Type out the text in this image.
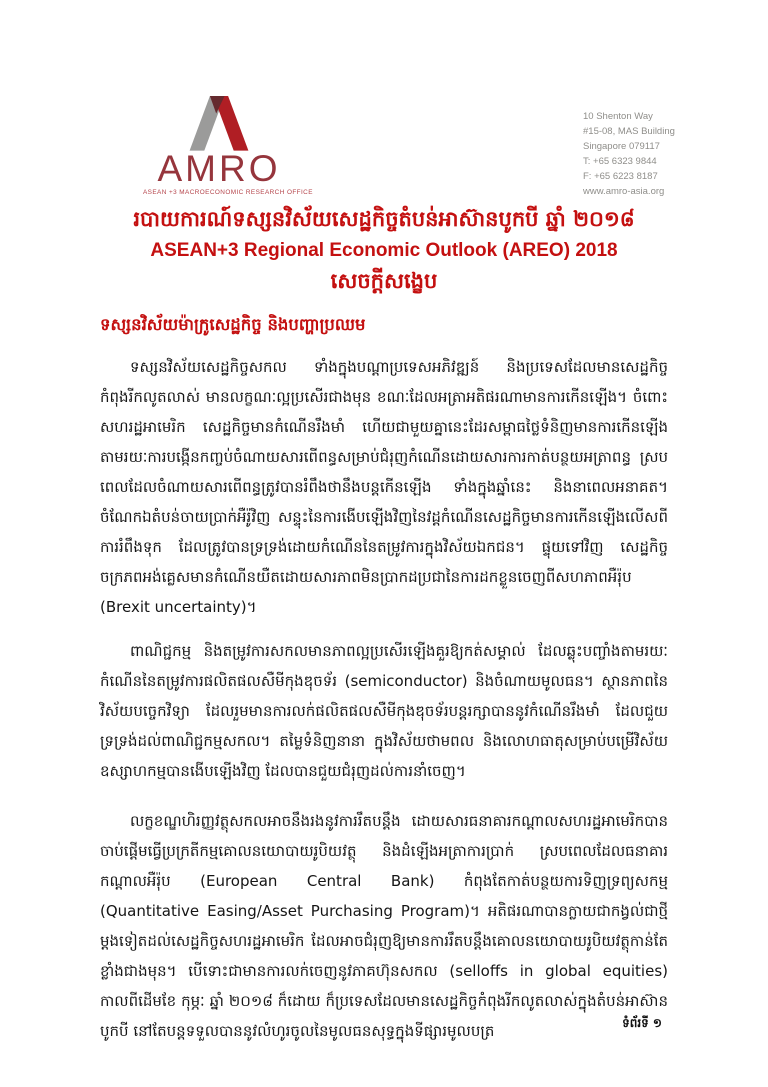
AMRO
ASEAN +3 MACROECONOMIC RESEARCH OFFICE
10 Shenton Way
#15-08, MAS Building
Singapore 079117
T: +65 6323 9844
F: +65 6223 8187
www.amro-asia.org
របាយការណ៍ទស្សនវិស័យសេដ្ឋកិច្ចតំបន់អាស៊ានបូកបី ឆ្នាំ ២០១៨
ASEAN+3 Regional Economic Outlook (AREO) 2018
សេចក្តីសង្ខេប
ទស្សនវិស័យម៉ាក្រូសេដ្ឋកិច្ច និងបញ្ហាប្រឈម

ទស្សនវិស័យសេដ្ឋកិច្ចសកល ទាំងក្នុងបណ្តាប្រទេសអភិវឌ្ឍន៍ និងប្រទេសដែលមានសេដ្ឋកិច្ចកំពុងរីកលូតលាស់ មានលក្ខណៈល្អប្រសើរជាងមុន ខណៈដែលអត្រាអតិផរណាមានការកើនឡើង។ ចំពោះសហរដ្ឋអាមេរិក សេដ្ឋកិច្ចមានកំណើនរឹងមាំ ហើយជាមួយគ្នានេះដែរសម្ពាធថ្លៃទំនិញមានការកើនឡើង តាមរយៈការបង្កើនកញ្ចប់ចំណាយសារពើពន្ធសម្រាប់ជំរុញកំណើនដោយសារការកាត់បន្ថយអត្រាពន្ធ ស្របពេលដែលចំណាយសារពើពន្ធត្រូវបានរំពឹងថានឹងបន្តកើនឡើង ទាំងក្នុងឆ្នាំនេះ និងនាពេលអនាគត។ ចំណែកឯតំបន់ចាយប្រាក់អឺរ៉ូវិញ សន្ទុះនៃការងើបឡើងវិញនៃវដ្តកំណើនសេដ្ឋកិច្ចមានការកើនឡើងលើសពីការរំពឹងទុក ដែលត្រូវបានទ្រទ្រង់ដោយកំណើននៃតម្រូវការក្នុងវិស័យឯកជន។ ផ្ទុយទៅវិញ សេដ្ឋកិច្ចចក្រភពអង់គ្លេសមានកំណើនយឺតដោយសារភាពមិនប្រាកដប្រជានៃការដកខ្លួនចេញពីសហភាពអឺរ៉ុប (Brexit uncertainty)។

ពាណិជ្ជកម្ម និងតម្រូវការសកលមានភាពល្អប្រសើរឡើងគួរឱ្យកត់សម្គាល់ ដែលឆ្លុះបញ្ចាំងតាមរយៈកំណើននៃតម្រូវការផលិតផលសឺមីកុងឌុចទ័រ (semiconductor) និងចំណាយមូលធន។ ស្ថានភាពនៃវិស័យបច្ចេកវិទ្យា ដែលរួមមានការលក់ផលិតផលសឺមីកុងឌុចទ័របន្តរក្សាបាននូវកំណើនរឹងមាំ ដែលជួយទ្រទ្រង់ដល់ពាណិជ្ជកម្មសកល។ តម្លៃទំនិញនានា ក្នុងវិស័យថាមពល និងលោហធាតុសម្រាប់បម្រើវិស័យឧស្សាហកម្មបានងើបឡើងវិញ ដែលបានជួយជំរុញដល់ការនាំចេញ។

លក្ខខណ្ឌហិរញ្ញវត្ថុសកលអាចនឹងរងនូវការរឹតបន្តឹង ដោយសារធនាគារកណ្តាលសហរដ្ឋអាមេរិកបានចាប់ផ្តើមធ្វើប្រក្រតីកម្មគោលនយោបាយរូបិយវត្ថុ និងដំឡើងអត្រាការប្រាក់ ស្របពេលដែលធនាគារកណ្តាលអឺរ៉ុប (European Central Bank) កំពុងតែកាត់បន្ថយការទិញទ្រព្យសកម្ម (Quantitative Easing/Asset Purchasing Program)។ អតិផរណាបានក្លាយជាកង្វល់ជាថ្មីម្តងទៀតដល់សេដ្ឋកិច្ចសហរដ្ឋអាមេរិក ដែលអាចជំរុញឱ្យមានការរឹតបន្តឹងគោលនយោបាយរូបិយវត្ថុកាន់តែខ្លាំងជាងមុន។ បើទោះជាមានការលក់ចេញនូវភាគហ៊ុនសកល (selloffs in global equities) កាលពីដើមខែ កុម្ភៈ ឆ្នាំ ២០១៨ ក៏ដោយ ក៏ប្រទេសដែលមានសេដ្ឋកិច្ចកំពុងរីកលូតលាស់ក្នុងតំបន់អាស៊ានបូកបី នៅតែបន្តទទួលបាននូវលំហូរចូលនៃមូលធនសុទ្ធក្នុងទីផ្សារមូលបត្រ	ទំព័រទី ១
